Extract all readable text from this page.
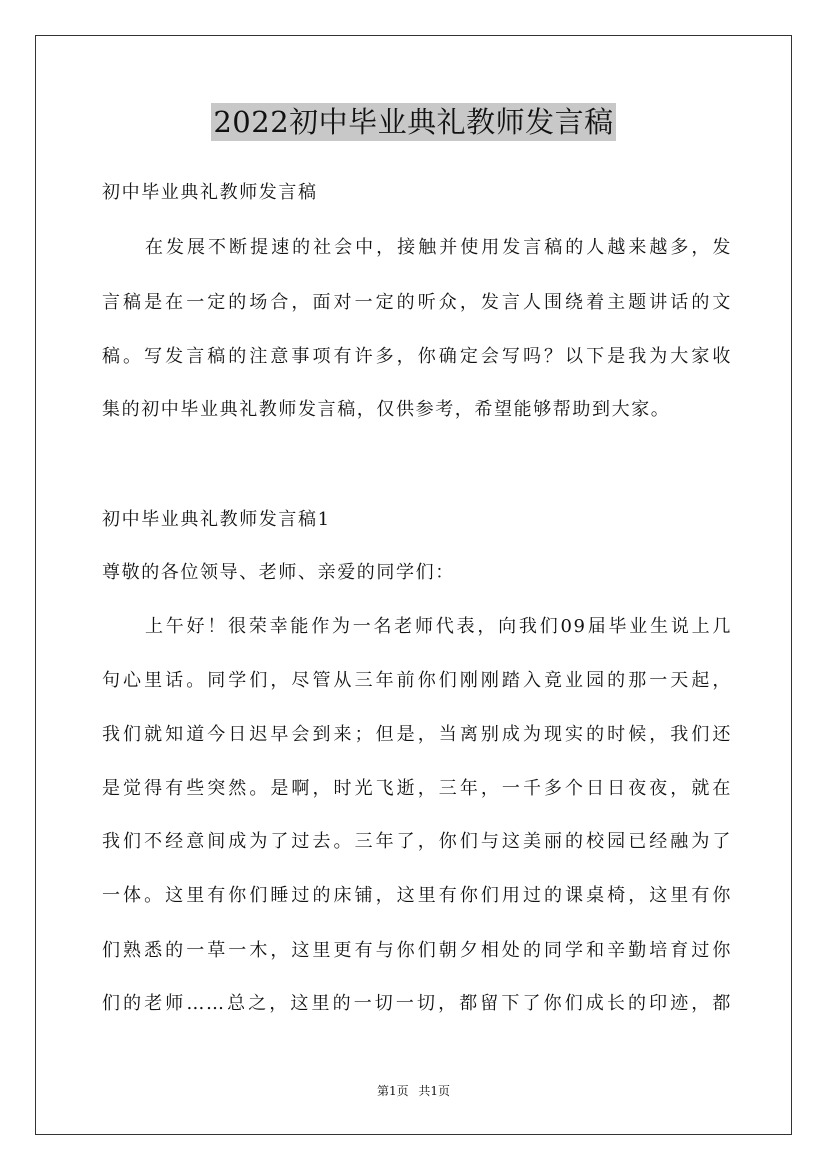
2022初中毕业典礼教师发言稿
初中毕业典礼教师发言稿
在发展不断提速的社会中，接触并使用发言稿的人越来越多，发
言稿是在一定的场合，面对一定的听众，发言人围绕着主题讲话的文
稿。写发言稿的注意事项有许多，你确定会写吗？以下是我为大家收
集的初中毕业典礼教师发言稿，仅供参考，希望能够帮助到大家。
初中毕业典礼教师发言稿1
尊敬的各位领导、老师、亲爱的同学们：
上午好！很荣幸能作为一名老师代表，向我们09届毕业生说上几
句心里话。同学们，尽管从三年前你们刚刚踏入竟业园的那一天起，
我们就知道今日迟早会到来；但是，当离别成为现实的时候，我们还
是觉得有些突然。是啊，时光飞逝，三年，一千多个日日夜夜，就在
我们不经意间成为了过去。三年了，你们与这美丽的校园已经融为了
一体。这里有你们睡过的床铺，这里有你们用过的课桌椅，这里有你
们熟悉的一草一木，这里更有与你们朝夕相处的同学和辛勤培育过你
们的老师……总之，这里的一切一切，都留下了你们成长的印迹，都
第1页 共1页
